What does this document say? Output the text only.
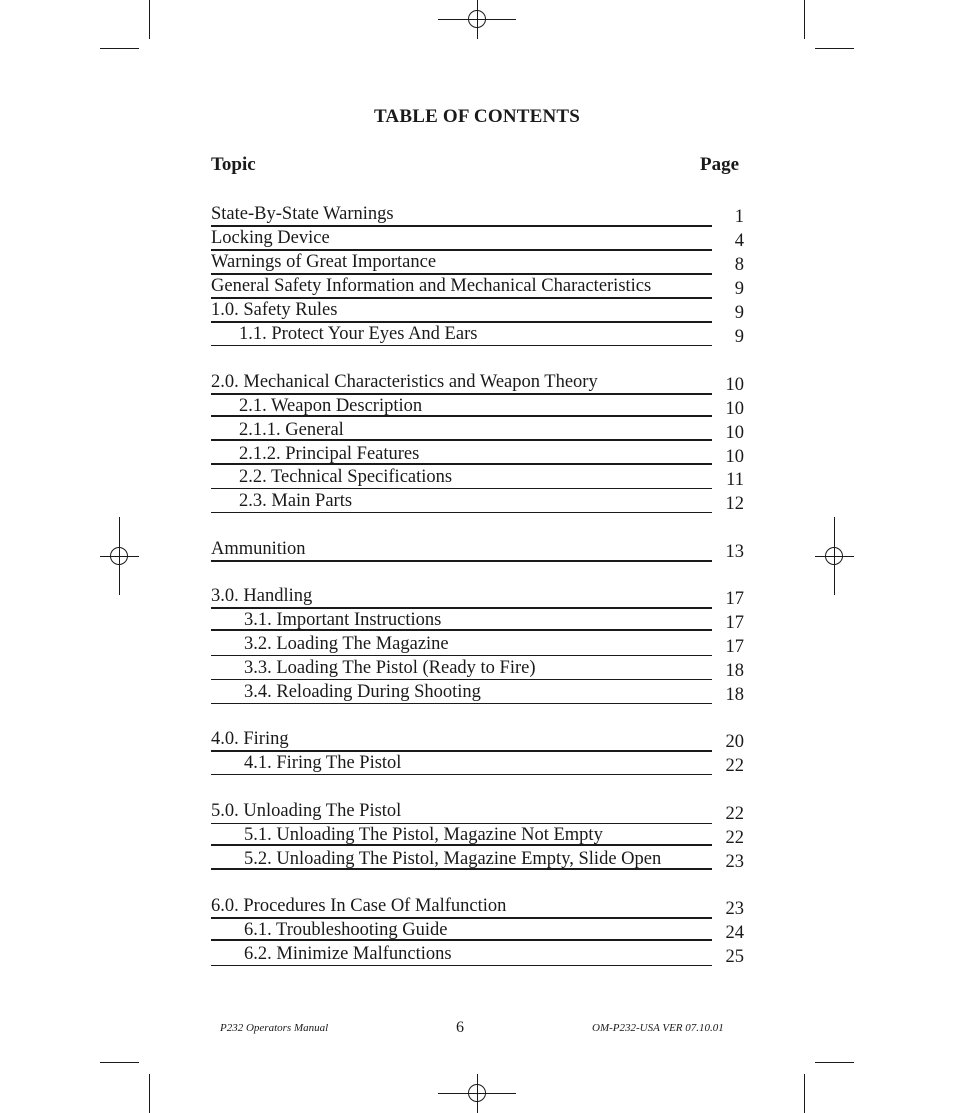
TABLE OF CONTENTS
Topic	Page
State-By-State Warnings	1
Locking Device	4
Warnings of Great Importance	8
General Safety Information and Mechanical Characteristics	9
1.0. Safety Rules	9
1.1. Protect Your Eyes And Ears	9
2.0. Mechanical Characteristics and Weapon Theory	10
2.1. Weapon Description	10
2.1.1. General	10
2.1.2. Principal Features	10
2.2. Technical Specifications	11
2.3. Main Parts	12
Ammunition	13
3.0. Handling	17
3.1. Important Instructions	17
3.2. Loading The Magazine	17
3.3. Loading The Pistol (Ready to Fire)	18
3.4. Reloading During Shooting	18
4.0. Firing	20
4.1. Firing The Pistol	22
5.0. Unloading The Pistol	22
5.1. Unloading The Pistol, Magazine Not Empty	22
5.2. Unloading The Pistol, Magazine Empty, Slide Open	23
6.0. Procedures In Case Of Malfunction	23
6.1. Troubleshooting Guide	24
6.2. Minimize Malfunctions	25
P232 Operators Manual	6	OM-P232-USA VER 07.10.01
